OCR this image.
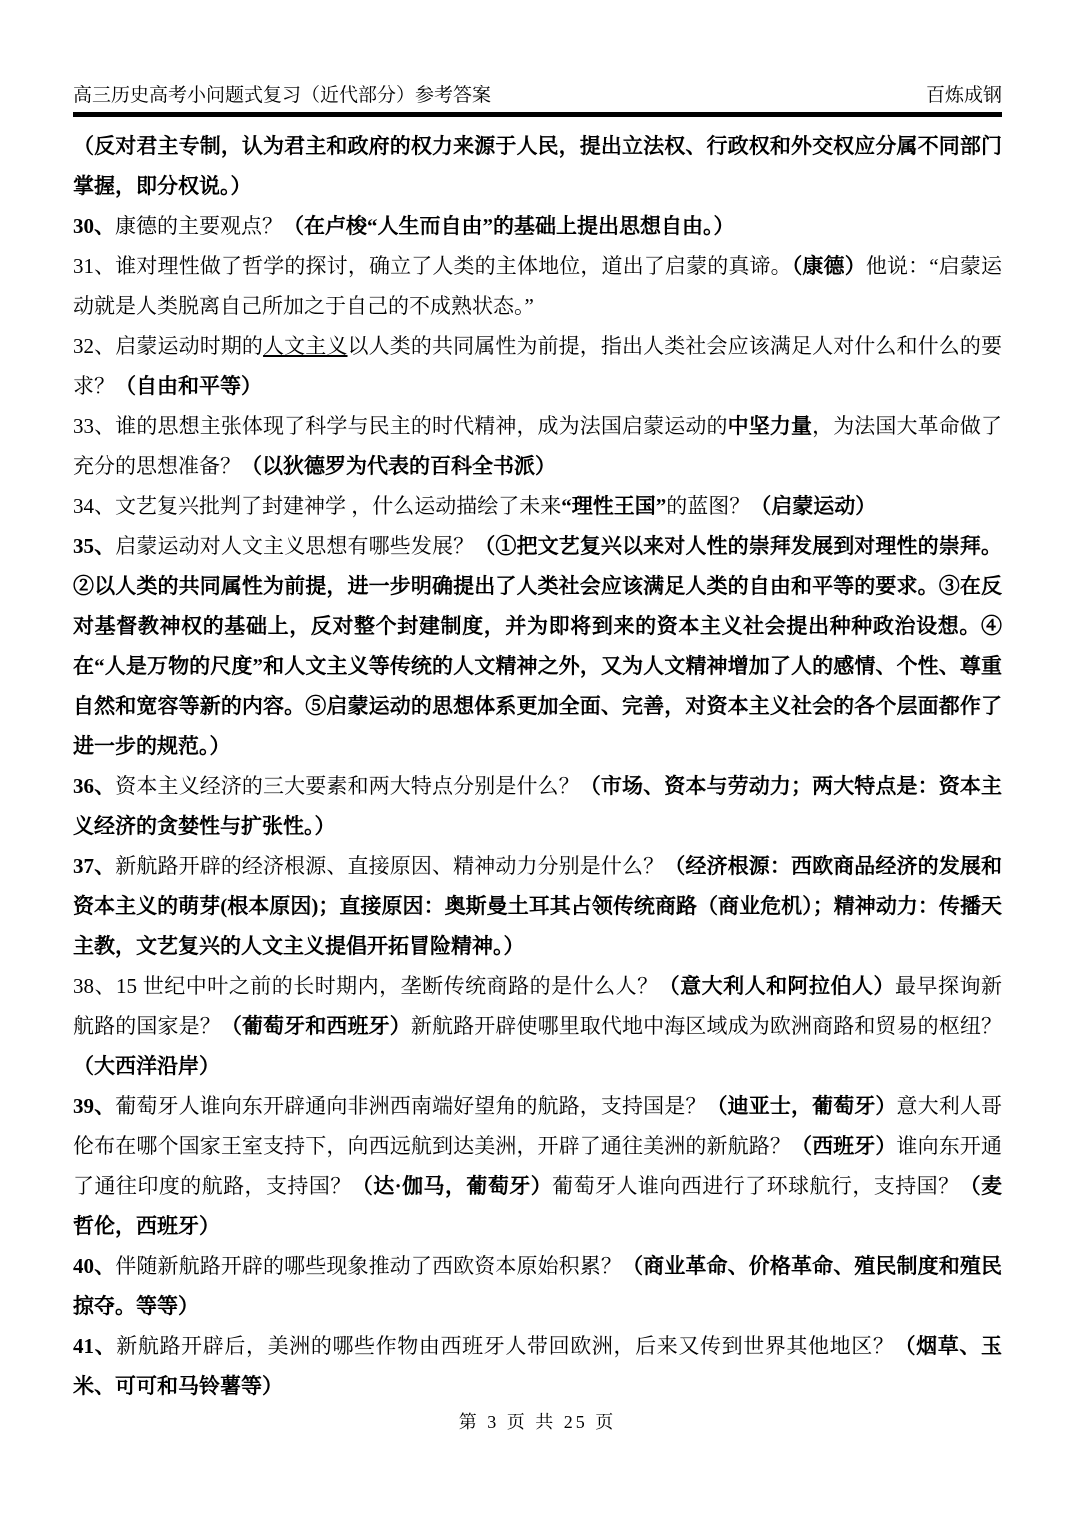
高三历史高考小问题式复习（近代部分）参考答案	百炼成钢

（反对君主专制，认为君主和政府的权力来源于人民，提出立法权、行政权和外交权应分属不同部门掌握，即分权说。）

30、康德的主要观点？（在卢梭“人生而自由”的基础上提出思想自由。）

31、谁对理性做了哲学的探讨，确立了人类的主体地位，道出了启蒙的真谛。（康德）他说：“启蒙运动就是人类脱离自己所加之于自己的不成熟状态。”

32、启蒙运动时期的人文主义以人类的共同属性为前提，指出人类社会应该满足人对什么和什么的要求？（自由和平等）

33、谁的思想主张体现了科学与民主的时代精神，成为法国启蒙运动的中坚力量，为法国大革命做了充分的思想准备？（以狄德罗为代表的百科全书派）

34、文艺复兴批判了封建神学 ，什么运动描绘了未来“理性王国”的蓝图？（启蒙运动）

35、启蒙运动对人文主义思想有哪些发展？（①把文艺复兴以来对人性的崇拜发展到对理性的崇拜。②以人类的共同属性为前提，进一步明确提出了人类社会应该满足人类的自由和平等的要求。③在反对基督教神权的基础上，反对整个封建制度，并为即将到来的资本主义社会提出种种政治设想。④在“人是万物的尺度”和人文主义等传统的人文精神之外，又为人文精神增加了人的感情、个性、尊重自然和宽容等新的内容。⑤启蒙运动的思想体系更加全面、完善，对资本主义社会的各个层面都作了进一步的规范。）

36、资本主义经济的三大要素和两大特点分别是什么？（市场、资本与劳动力；两大特点是：资本主义经济的贪婪性与扩张性。）

37、新航路开辟的经济根源、直接原因、精神动力分别是什么？（经济根源：西欧商品经济的发展和资本主义的萌芽(根本原因)；直接原因：奥斯曼土耳其占领传统商路（商业危机）；精神动力：传播天主教，文艺复兴的人文主义提倡开拓冒险精神。）

38、15 世纪中叶之前的长时期内，垄断传统商路的是什么人？（意大利人和阿拉伯人）最早探询新航路的国家是？（葡萄牙和西班牙）新航路开辟使哪里取代地中海区域成为欧洲商路和贸易的枢纽？（大西洋沿岸）

39、葡萄牙人谁向东开辟通向非洲西南端好望角的航路，支持国是？（迪亚士，葡萄牙）意大利人哥伦布在哪个国家王室支持下，向西远航到达美洲，开辟了通往美洲的新航路？（西班牙）谁向东开通了通往印度的航路，支持国？（达·伽马，葡萄牙）葡萄牙人谁向西进行了环球航行，支持国？（麦哲伦，西班牙）

40、伴随新航路开辟的哪些现象推动了西欧资本原始积累？（商业革命、价格革命、殖民制度和殖民掠夺。等等）

41、新航路开辟后，美洲的哪些作物由西班牙人带回欧洲，后来又传到世界其他地区？（烟草、玉米、可可和马铃薯等）

第 3 页 共 25 页
